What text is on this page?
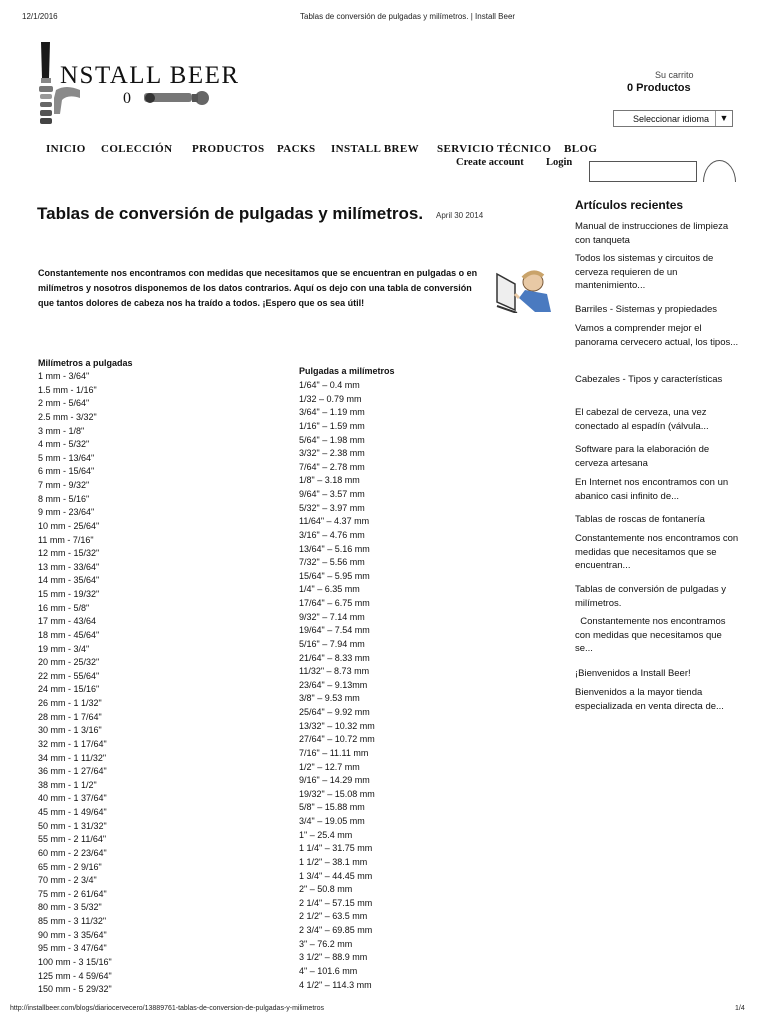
12/1/2016	Tablas de conversión de pulgadas y milímetros. | Install Beer
NSTALL BEER
0
Su carrito
0 Productos
Seleccionar idioma	▼
INICIO COLECCIÓN PRODUCTOS PACKS INSTALL BREW SERVICIO TÉCNICO BLOG
Create account Login
Tablas de conversión de pulgadas y milímetros. April 30 2014
Constantemente nos encontramos con medidas que necesitamos que se encuentran en pulgadas o en milímetros y nosotros disponemos de los datos contrarios. Aquí os dejo con una tabla de conversión que tantos dolores de cabeza nos ha traído a todos. ¡Espero que os sea útil!
Milímetros a pulgadas
1 mm - 3/64"
1.5 mm - 1/16"
2 mm - 5/64"
2.5 mm - 3/32"
3 mm - 1/8"
4 mm - 5/32"
5 mm - 13/64"
6 mm - 15/64"
7 mm - 9/32"
8 mm - 5/16"
9 mm - 23/64"
10 mm - 25/64"
11 mm - 7/16"
12 mm - 15/32"
13 mm - 33/64"
14 mm - 35/64"
15 mm - 19/32"
16 mm - 5/8"
17 mm - 43/64
18 mm - 45/64"
19 mm - 3/4"
20 mm - 25/32"
22 mm - 55/64"
24 mm - 15/16"
26 mm - 1 1/32"
28 mm - 1 7/64"
30 mm - 1 3/16"
32 mm - 1 17/64"
34 mm - 1 11/32"
36 mm - 1 27/64"
38 mm - 1 1/2"
40 mm - 1 37/64"
45 mm - 1 49/64"
50 mm - 1 31/32"
55 mm - 2 11/64"
60 mm - 2 23/64"
65 mm - 2 9/16"
70 mm - 2 3/4"
75 mm - 2 61/64"
80 mm - 3 5/32"
85 mm - 3 11/32"
90 mm - 3 35/64"
95 mm - 3 47/64"
100 mm - 3 15/16"
125 mm - 4 59/64"
150 mm - 5 29/32"
Pulgadas a milímetros
1/64" – 0.4 mm
1/32 – 0.79 mm
3/64" – 1.19 mm
1/16" – 1.59 mm
5/64" – 1.98 mm
3/32" – 2.38 mm
7/64" – 2.78 mm
1/8" – 3.18 mm
9/64" – 3.57 mm
5/32" – 3.97 mm
11/64" – 4.37 mm
3/16" – 4.76 mm
13/64" – 5.16 mm
7/32" – 5.56 mm
15/64" – 5.95 mm
1/4" – 6.35 mm
17/64" – 6.75 mm
9/32" – 7.14 mm
19/64" – 7.54 mm
5/16" – 7.94 mm
21/64" – 8.33 mm
11/32" – 8.73 mm
23/64" – 9.13mm
3/8" – 9.53 mm
25/64" – 9.92 mm
13/32" – 10.32 mm
27/64" – 10.72 mm
7/16" – 11.11 mm
1/2" – 12.7 mm
9/16" – 14.29 mm
19/32" – 15.08 mm
5/8" – 15.88 mm
3/4" – 19.05 mm
1" – 25.4 mm
1 1/4" – 31.75 mm
1 1/2" – 38.1 mm
1 3/4" – 44.45 mm
2" – 50.8 mm
2 1/4" – 57.15 mm
2 1/2" – 63.5 mm
2 3/4" – 69.85 mm
3" – 76.2 mm
3 1/2" – 88.9 mm
4" – 101.6 mm
4 1/2" – 114.3 mm
Artículos recientes

Manual de instrucciones de limpieza con tanqueta

Todos los sistemas y circuitos de cerveza requieren de un mantenimiento...

Barriles - Sistemas y propiedades

Vamos a comprender mejor el panorama cervecero actual, los tipos...

Cabezales - Tipos y características

El cabezal de cerveza, una vez conectado al espadín (válvula...

Software para la elaboración de cerveza artesana

En Internet nos encontramos con un abanico casi infinito de...

Tablas de roscas de fontanería

Constantemente nos encontramos con medidas que necesitamos que se encuentran...

Tablas de conversión de pulgadas y milímetros.

Constantemente nos encontramos con medidas que necesitamos que se...

¡Bienvenidos a Install Beer!

Bienvenidos a la mayor tienda especializada en venta directa de...

http://installbeer.com/blogs/diariocervecero/13889761-tablas-de-conversion-de-pulgadas-y-milimetros	1/4
